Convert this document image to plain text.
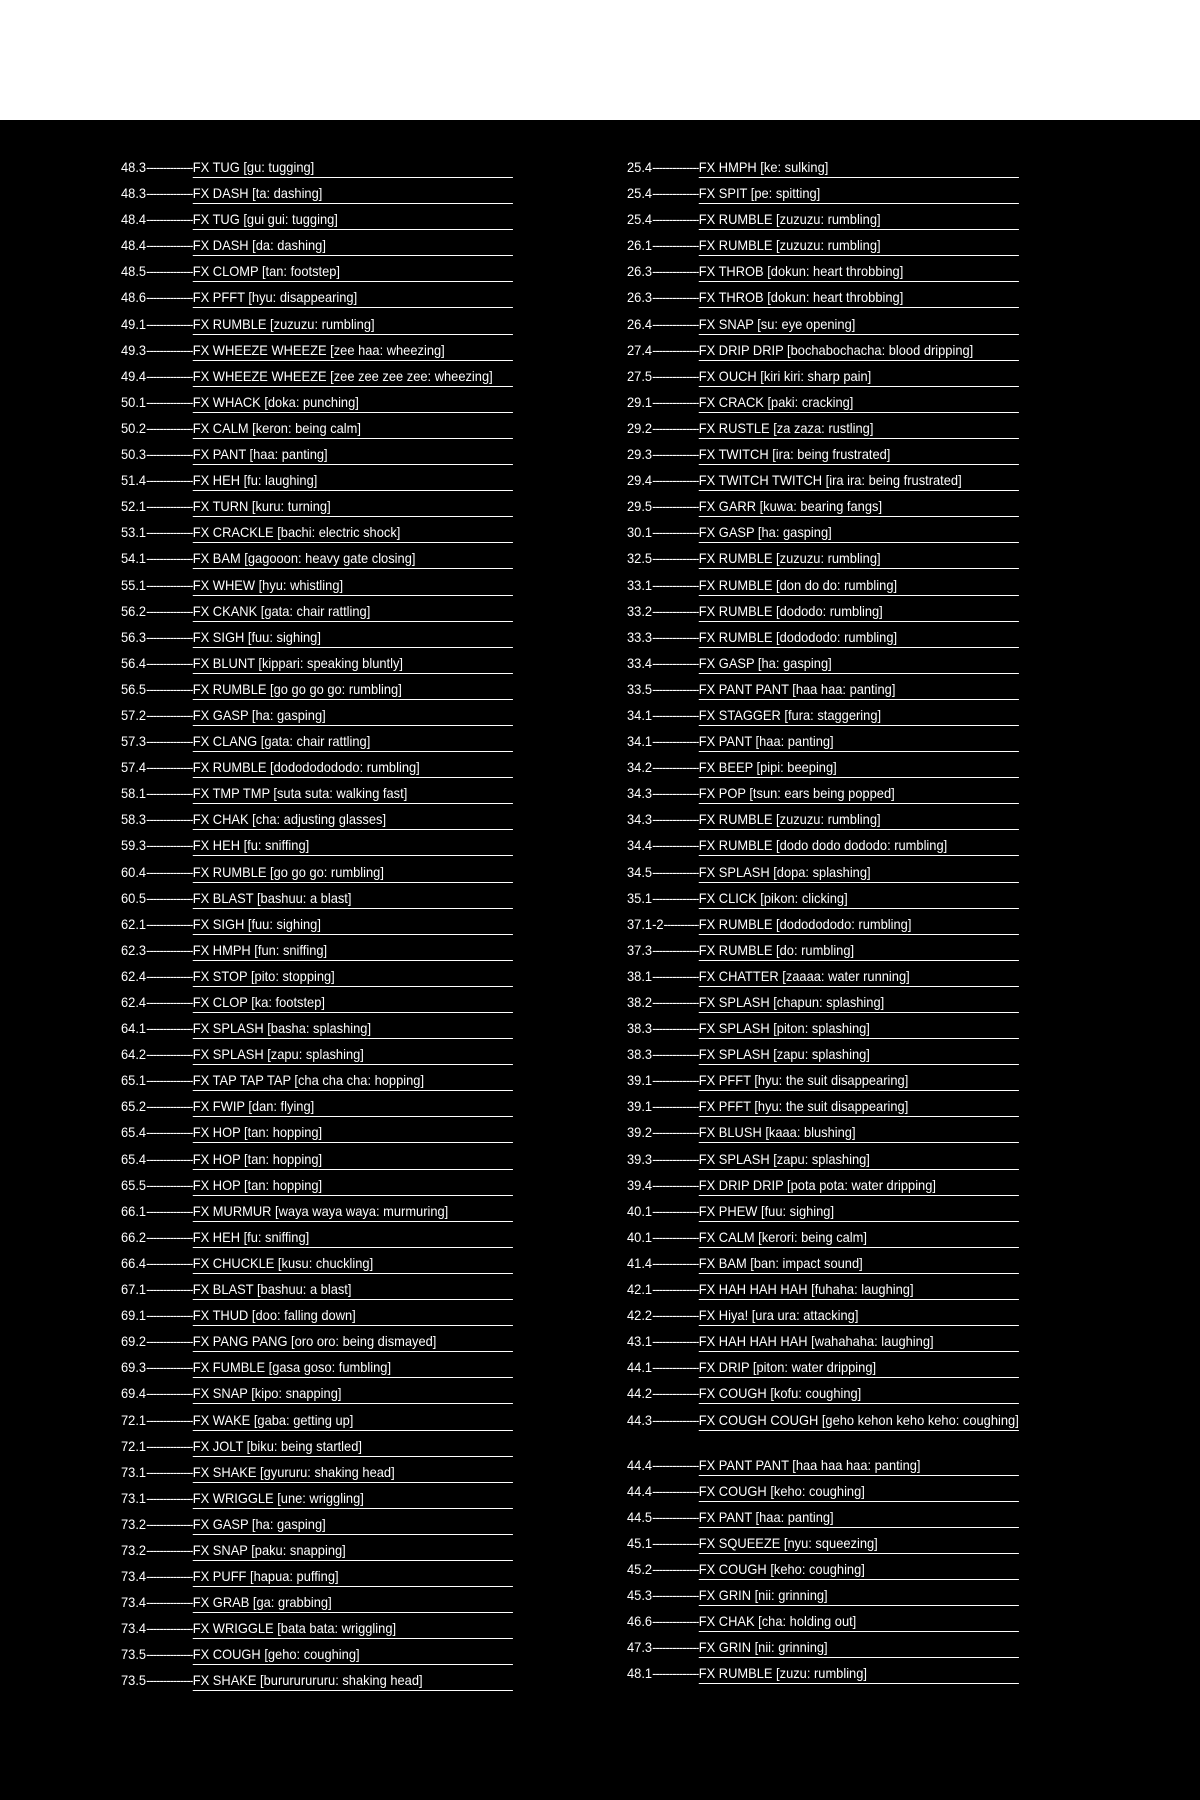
48.3 -----	FX TUG [gu: tugging]
48.3 -----	FX DASH [ta: dashing]
48.4 -----	FX TUG [gui gui: tugging]
48.4 -----	FX DASH [da: dashing]
48.5 -----	FX CLOMP [tan: footstep]
48.6 -----	FX PFFT [hyu: disappearing]
49.1 -----	FX RUMBLE [zuzuzu: rumbling]
49.3 -----	FX WHEEZE WHEEZE [zee haa: wheezing]
49.4 -----	FX WHEEZE WHEEZE [zee zee zee zee: wheezing]
50.1 -----	FX WHACK [doka: punching]
50.2 -----	FX CALM [keron: being calm]
50.3 -----	FX PANT [haa: panting]
51.4 -----	FX HEH [fu: laughing]
52.1 -----	FX TURN [kuru: turning]
53.1 -----	FX CRACKLE [bachi: electric shock]
54.1 -----	FX BAM [gagooon: heavy gate closing]
55.1 -----	FX WHEW [hyu: whistling]
56.2 -----	FX CKANK [gata: chair rattling]
56.3 -----	FX SIGH [fuu: sighing]
56.4 -----	FX BLUNT [kippari: speaking bluntly]
56.5 -----	FX RUMBLE [go go go go: rumbling]
57.2 -----	FX GASP [ha: gasping]
57.3 -----	FX CLANG [gata: chair rattling]
57.4 -----	FX RUMBLE [dodododododo: rumbling]
58.1 -----	FX TMP TMP [suta suta: walking fast]
58.3 -----	FX CHAK [cha: adjusting glasses]
59.3 -----	FX HEH [fu: sniffing]
60.4 -----	FX RUMBLE [go go go: rumbling]
60.5 -----	FX BLAST [bashuu: a blast]
62.1 -----	FX SIGH [fuu: sighing]
62.3 -----	FX HMPH [fun: sniffing]
62.4 -----	FX STOP [pito: stopping]
62.4 -----	FX CLOP [ka: footstep]
64.1 -----	FX SPLASH [basha: splashing]
64.2 -----	FX SPLASH [zapu: splashing]
65.1 -----	FX TAP TAP TAP [cha cha cha: hopping]
65.2 -----	FX FWIP [dan: flying]
65.4 -----	FX HOP [tan: hopping]
65.4 -----	FX HOP [tan: hopping]
65.5 -----	FX HOP [tan: hopping]
66.1 -----	FX MURMUR [waya waya waya: murmuring]
66.2 -----	FX HEH [fu: sniffing]
66.4 -----	FX CHUCKLE [kusu: chuckling]
67.1 -----	FX BLAST [bashuu: a blast]
69.1 -----	FX THUD [doo: falling down]
69.2 -----	FX PANG PANG [oro oro: being dismayed]
69.3 -----	FX FUMBLE [gasa goso: fumbling]
69.4 -----	FX SNAP [kipo: snapping]
72.1 -----	FX WAKE [gaba: getting up]
72.1 -----	FX JOLT [biku: being startled]
73.1 -----	FX SHAKE [gyururu: shaking head]
73.1 -----	FX WRIGGLE [une: wriggling]
73.2 -----	FX GASP [ha: gasping]
73.2 -----	FX SNAP [paku: snapping]
73.4 -----	FX PUFF [hapua: puffing]
73.4 -----	FX GRAB [ga: grabbing]
73.4 -----	FX WRIGGLE [bata bata: wriggling]
73.5 -----	FX COUGH [geho: coughing]
73.5 -----	FX SHAKE [burururururu: shaking head]
25.4 -----	FX HMPH [ke: sulking]
25.4 -----	FX SPIT [pe: spitting]
25.4 -----	FX RUMBLE [zuzuzu: rumbling]
26.1 -----	FX RUMBLE [zuzuzu: rumbling]
26.3 -----	FX THROB [dokun: heart throbbing]
26.3 -----	FX THROB [dokun: heart throbbing]
26.4 -----	FX SNAP [su: eye opening]
27.4 -----	FX DRIP DRIP [bochabochacha: blood dripping]
27.5 -----	FX OUCH [kiri kiri: sharp pain]
29.1 -----	FX CRACK [paki: cracking]
29.2 -----	FX RUSTLE [za zaza: rustling]
29.3 -----	FX TWITCH [ira: being frustrated]
29.4 -----	FX TWITCH TWITCH [ira ira: being frustrated]
29.5 -----	FX GARR [kuwa: bearing fangs]
30.1 -----	FX GASP [ha: gasping]
32.5 -----	FX RUMBLE [zuzuzu: rumbling]
33.1 -----	FX RUMBLE [don do do: rumbling]
33.2 -----	FX RUMBLE [dododo: rumbling]
33.3 -----	FX RUMBLE [dodododo: rumbling]
33.4 -----	FX GASP [ha: gasping]
33.5 -----	FX PANT PANT [haa haa: panting]
34.1 -----	FX STAGGER [fura: staggering]
34.1 -----	FX PANT [haa: panting]
34.2 -----	FX BEEP [pipi: beeping]
34.3 -----	FX POP [tsun: ears being popped]
34.3 -----	FX RUMBLE [zuzuzu: rumbling]
34.4 -----	FX RUMBLE [dodo dodo dododo: rumbling]
34.5 -----	FX SPLASH [dopa: splashing]
35.1 -----	FX CLICK [pikon: clicking]
37.1-2 -----	FX RUMBLE [dododododo: rumbling]
37.3 -----	FX RUMBLE [do: rumbling]
38.1 -----	FX CHATTER [zaaaa: water running]
38.2 -----	FX SPLASH [chapun: splashing]
38.3 -----	FX SPLASH [piton: splashing]
38.3 -----	FX SPLASH [zapu: splashing]
39.1 -----	FX PFFT [hyu: the suit disappearing]
39.1 -----	FX PFFT [hyu: the suit disappearing]
39.2 -----	FX BLUSH [kaaa: blushing]
39.3 -----	FX SPLASH [zapu: splashing]
39.4 -----	FX DRIP DRIP [pota pota: water dripping]
40.1 -----	FX PHEW [fuu: sighing]
40.1 -----	FX CALM [kerori: being calm]
41.4 -----	FX BAM [ban: impact sound]
42.1 -----	FX HAH HAH HAH [fuhaha: laughing]
42.2 -----	FX Hiya! [ura ura: attacking]
43.1 -----	FX HAH HAH HAH [wahahaha: laughing]
44.1 -----	FX DRIP [piton: water dripping]
44.2 -----	FX COUGH [kofu: coughing]
44.3 -----	FX COUGH COUGH [geho kehon keho keho: coughing]
44.4 -----	FX PANT PANT [haa haa haa: panting]
44.4 -----	FX COUGH [keho: coughing]
44.5 -----	FX PANT [haa: panting]
45.1 -----	FX SQUEEZE [nyu: squeezing]
45.2 -----	FX COUGH [keho: coughing]
45.3 -----	FX GRIN [nii: grinning]
46.6 -----	FX CHAK [cha: holding out]
47.3 -----	FX GRIN [nii: grinning]
48.1 -----	FX RUMBLE [zuzu: rumbling]
